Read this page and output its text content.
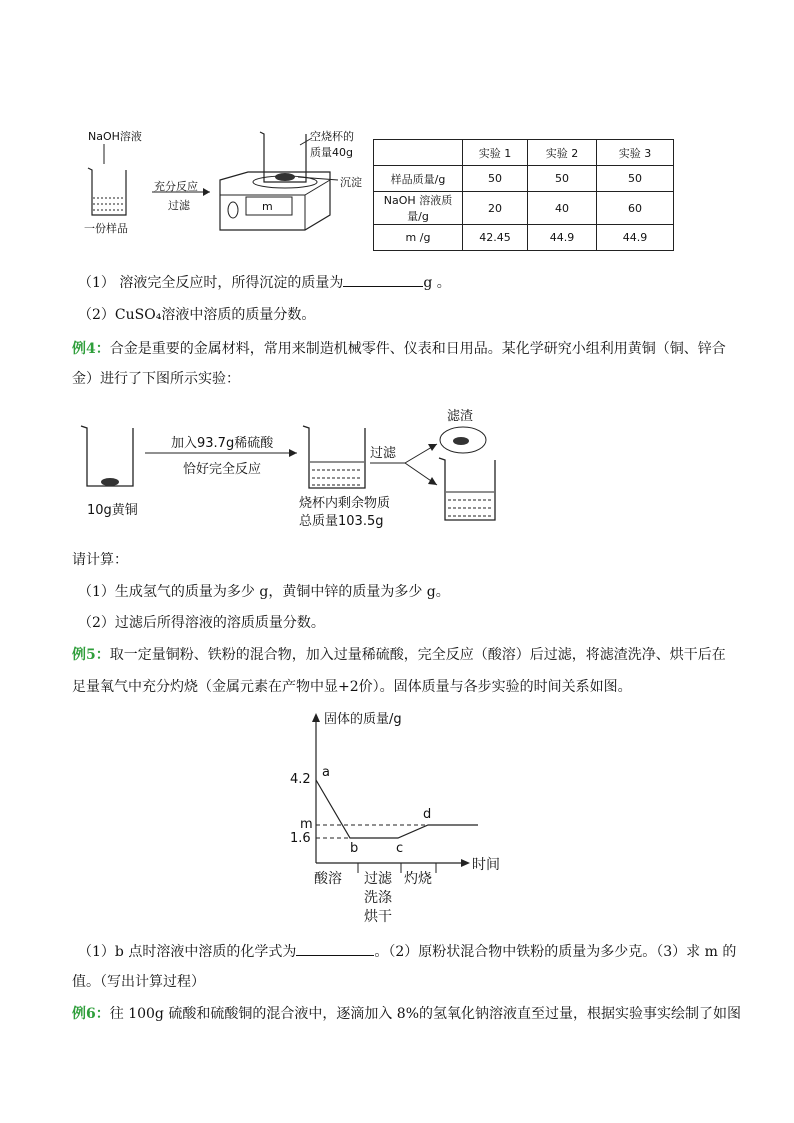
NaOH溶液
一份样品
充分反应
过滤
空烧杯的
质量40g
沉淀
m
	实验 1	实验 2	实验 3
样品质量/g	50	50	50
NaOH 溶液质量/g	20	40	60
m /g	42.45	44.9	44.9
（1） 溶液完全反应时，所得沉淀的质量为	g 。
（2）CuSO₄溶液中溶质的质量分数。
例4：合金是重要的金属材料，常用来制造机械零件、仪表和日用品。某化学研究小组利用黄铜（铜、锌合
金）进行了下图所示实验：
加入93.7g稀硫酸
恰好完全反应
10g黄铜
过滤
滤渣
烧杯内剩余物质
总质量103.5g
请计算：
（1）生成氢气的质量为多少 g，黄铜中锌的质量为多少 g。
（2）过滤后所得溶液的溶质质量分数。
例5：取一定量铜粉、铁粉的混合物，加入过量稀硫酸，完全反应（酸溶）后过滤，将滤渣洗净、烘干后在
足量氧气中充分灼烧（金属元素在产物中显+2价）。固体质量与各步实验的时间关系如图。
固体的质量/g
时间
4.2
m
1.6
a
b	c
d
酸溶 过滤
洗涤
烘干
灼烧
（1）b 点时溶液中溶质的化学式为	。（2）原粉状混合物中铁粉的质量为多少克。（3）求 m 的
值。（写出计算过程）
例6：往 100g 硫酸和硫酸铜的混合液中，逐滴加入 8%的氢氧化钠溶液直至过量，根据实验事实绘制了如图
